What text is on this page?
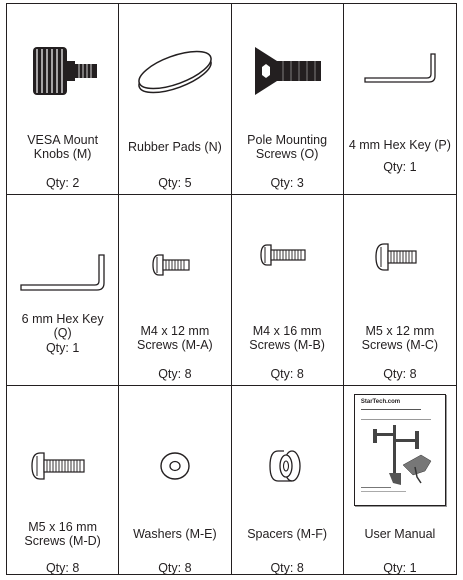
VESA Mount
Knobs (M)
Qty: 2
Rubber Pads (N)
Qty: 5
Pole Mounting
Screws (O)
Qty: 3
4 mm Hex Key (P)
Qty: 1
6 mm Hex Key (Q)
Qty: 1
M4 x 12 mm
Screws (M-A)
Qty: 8
M4 x 16 mm
Screws (M-B)
Qty: 8
M5 x 12 mm
Screws (M-C)
Qty: 8
M5 x 16 mm
Screws (M-D)
Qty: 8
Washers (M-E)
Qty: 8
Spacers (M-F)
Qty: 8
StarTech.com
User Manual
Qty: 1
